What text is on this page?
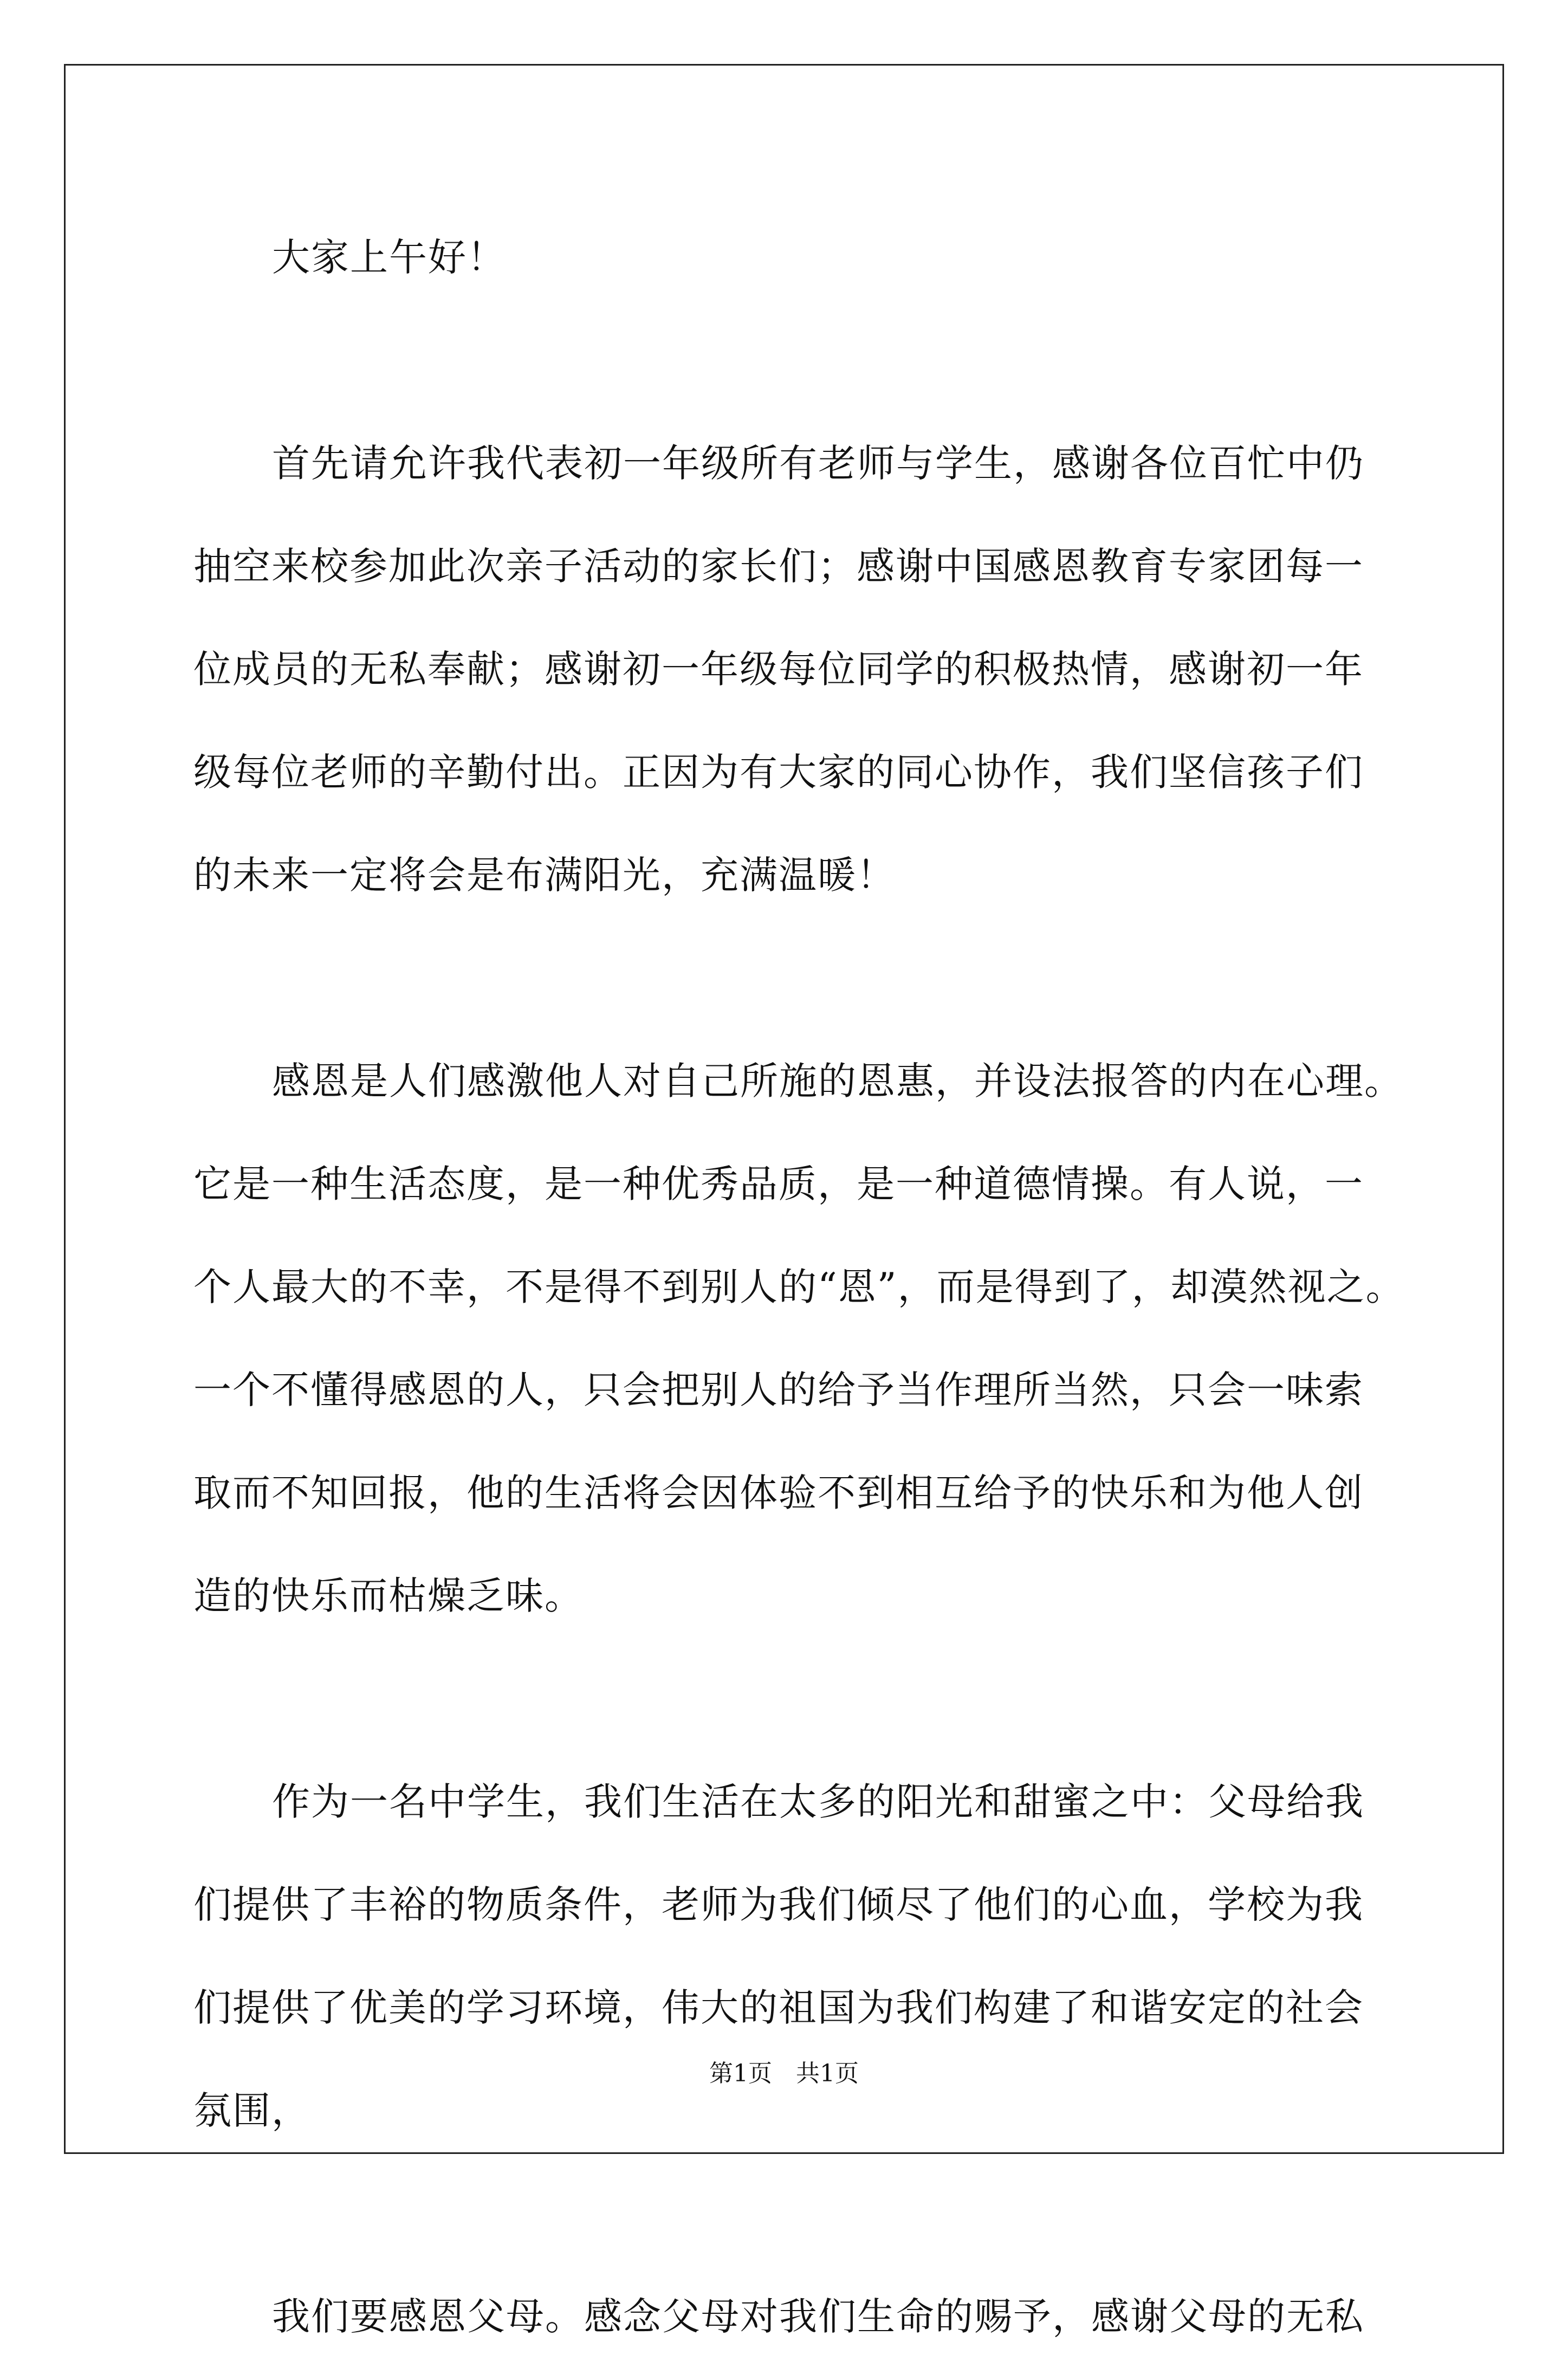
大家上午好！
首先请允许我代表初一年级所有老师与学生，感谢各位百忙中仍
抽空来校参加此次亲子活动的家长们；感谢中国感恩教育专家团每一
位成员的无私奉献；感谢初一年级每位同学的积极热情，感谢初一年
级每位老师的辛勤付出。正因为有大家的同心协作，我们坚信孩子们
的未来一定将会是布满阳光，充满温暖！
感恩是人们感激他人对自己所施的恩惠，并设法报答的内在心理。
它是一种生活态度，是一种优秀品质，是一种道德情操。有人说，一
个人最大的不幸，不是得不到别人的“恩”，而是得到了，却漠然视之。
一个不懂得感恩的人，只会把别人的给予当作理所当然，只会一味索
取而不知回报，他的生活将会因体验不到相互给予的快乐和为他人创
造的快乐而枯燥乏味。
作为一名中学生，我们生活在太多的阳光和甜蜜之中：父母给我
们提供了丰裕的物质条件，老师为我们倾尽了他们的心血，学校为我
们提供了优美的学习环境，伟大的祖国为我们构建了和谐安定的社会
氛围，
我们要感恩父母。感念父母对我们生命的赐予，感谢父母的无私
第1页 共1页
